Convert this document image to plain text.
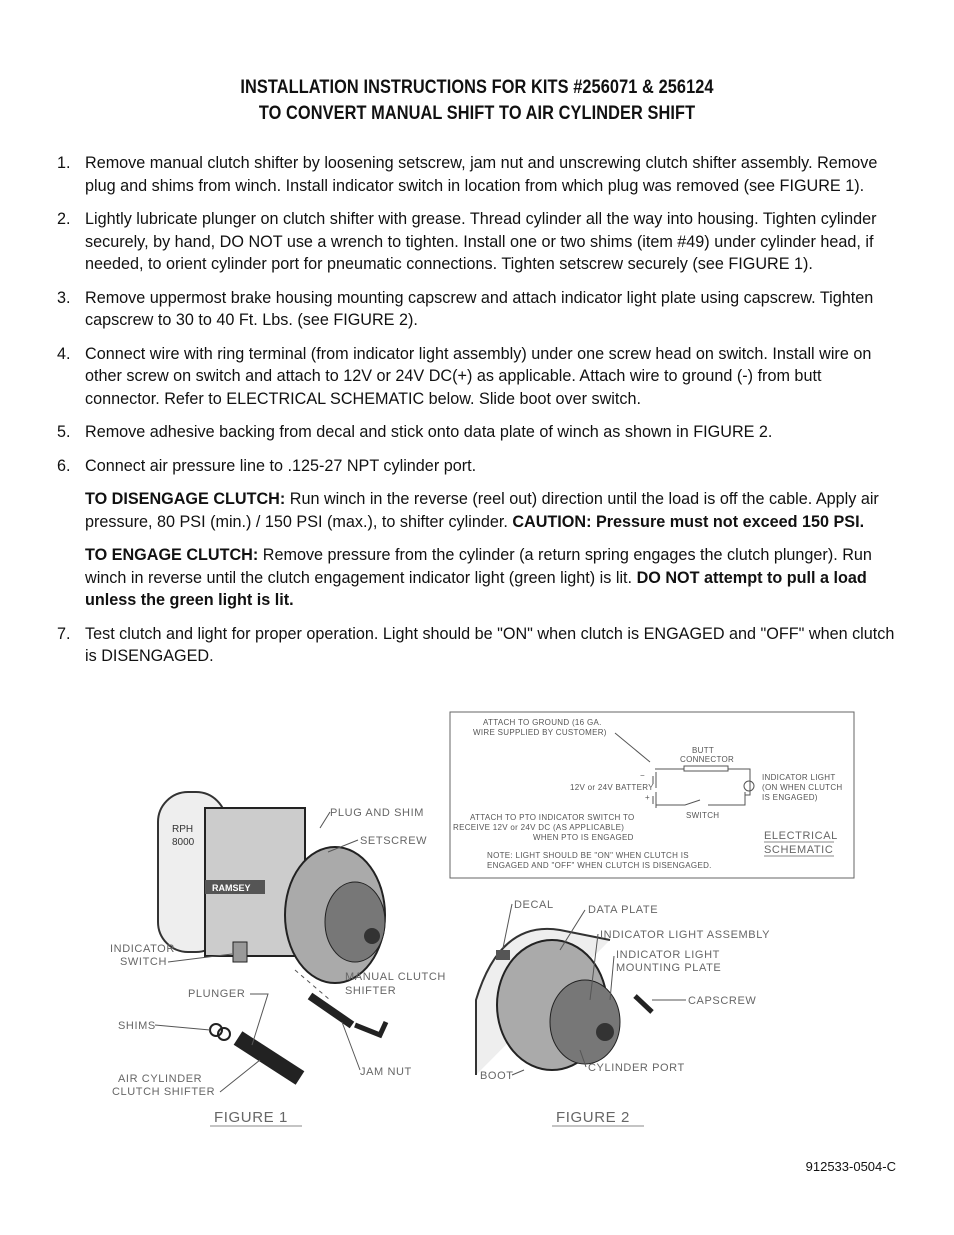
INSTALLATION INSTRUCTIONS FOR KITS #256071 & 256124
TO CONVERT MANUAL SHIFT TO AIR CYLINDER SHIFT
1. Remove manual clutch shifter by loosening setscrew, jam nut and unscrewing clutch shifter assembly. Remove plug and shims from winch. Install indicator switch in location from which plug was removed (see FIGURE 1).
2. Lightly lubricate plunger on clutch shifter with grease. Thread cylinder all the way into housing. Tighten cylinder securely, by hand, DO NOT use a wrench to tighten. Install one or two shims (item #49) under cylinder head, if needed, to orient cylinder port for pneumatic connections. Tighten setscrew securely (see FIGURE 1).
3. Remove uppermost brake housing mounting capscrew and attach indicator light plate using capscrew. Tighten capscrew to 30 to 40 Ft. Lbs. (see FIGURE 2).
4. Connect wire with ring terminal (from indicator light assembly) under one screw head on switch. Install wire on other screw on switch and attach to 12V or 24V DC(+) as applicable. Attach wire to ground (-) from butt connector. Refer to ELECTRICAL SCHEMATIC below. Slide boot over switch.
5. Remove adhesive backing from decal and stick onto data plate of winch as shown in FIGURE 2.
6. Connect air pressure line to .125-27 NPT cylinder port.
TO DISENGAGE CLUTCH: Run winch in the reverse (reel out) direction until the load is off the cable. Apply air pressure, 80 PSI (min.) / 150 PSI (max.), to shifter cylinder. CAUTION: Pressure must not exceed 150 PSI.
TO ENGAGE CLUTCH: Remove pressure from the cylinder (a return spring engages the clutch plunger). Run winch in reverse until the clutch engagement indicator light (green light) is lit. DO NOT attempt to pull a load unless the green light is lit.
7. Test clutch and light for proper operation. Light should be "ON" when clutch is ENGAGED and "OFF" when clutch is DISENGAGED.
ATTACH TO GROUND (16 GA.
WIRE SUPPLIED BY CUSTOMER)
BUTT
CONNECTOR
−
+
12V or 24V BATTERY
INDICATOR LIGHT
(ON WHEN CLUTCH
IS ENGAGED)
SWITCH
ATTACH TO PTO INDICATOR SWITCH TO
RECEIVE 12V or 24V DC (AS APPLICABLE)
WHEN PTO IS ENGAGED	ELECTRICAL
SCHEMATIC
NOTE: LIGHT SHOULD BE "ON" WHEN CLUTCH IS
ENGAGED AND "OFF" WHEN CLUTCH IS DISENGAGED.
RPH
8000
RAMSEY
PLUG AND SHIM
SETSCREW
INDICATOR
SWITCH
PLUNGER
MANUAL CLUTCH
SHIFTER
SHIMS
JAM NUT
AIR CYLINDER
CLUTCH SHIFTER
FIGURE 1
DECAL	DATA PLATE
INDICATOR LIGHT ASSEMBLY
INDICATOR LIGHT
MOUNTING PLATE
CAPSCREW
BOOT
CYLINDER PORT
FIGURE 2
912533-0504-C
